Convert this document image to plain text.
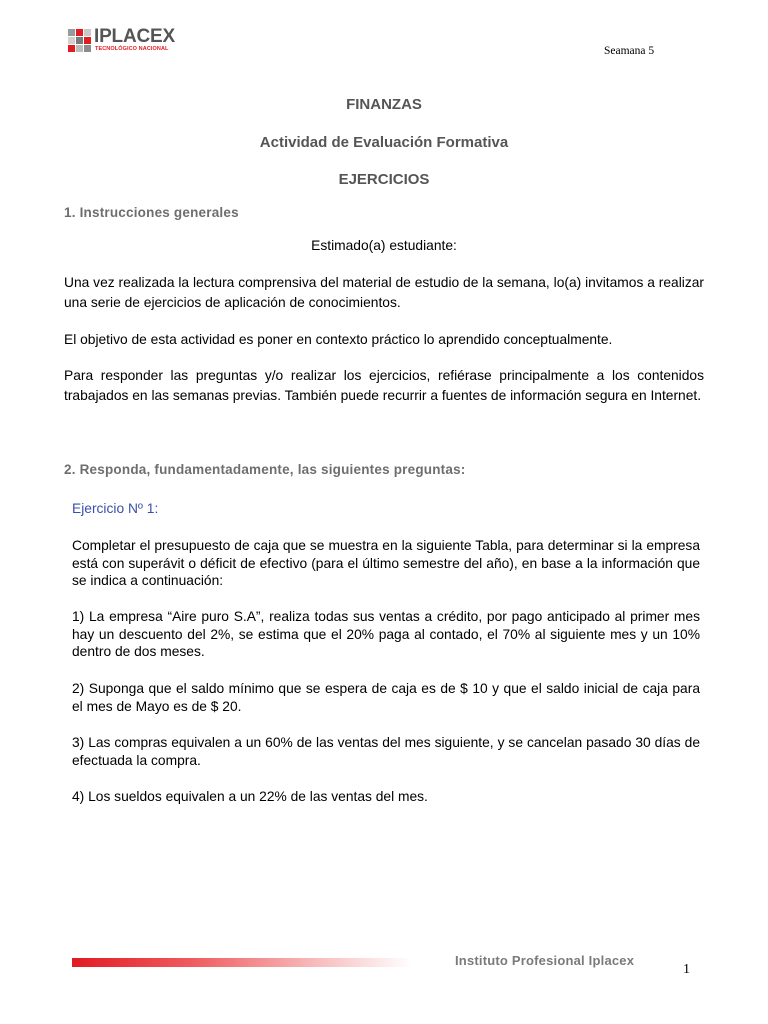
IPLACEX
TECNOLÓGICO NACIONAL	Seamana 5
FINANZAS
Actividad de Evaluación Formativa
EJERCICIOS
1. Instrucciones generales
Estimado(a) estudiante:
Una vez realizada la lectura comprensiva del material de estudio de la semana, lo(a) invitamos a realizar una serie de ejercicios de aplicación de conocimientos.
El objetivo de esta actividad es poner en contexto práctico lo aprendido conceptualmente.
Para responder las preguntas y/o realizar los ejercicios, refiérase principalmente a los contenidos trabajados en las semanas previas. También puede recurrir a fuentes de información segura en Internet.
2. Responda, fundamentadamente, las siguientes preguntas:
Ejercicio Nº 1:
Completar el presupuesto de caja que se muestra en la siguiente Tabla, para determinar si la empresa está con superávit o déficit de efectivo (para el último semestre del año), en base a la información que se indica a continuación:
1) La empresa “Aire puro S.A”, realiza todas sus ventas a crédito, por pago anticipado al primer mes hay un descuento del 2%, se estima que el 20% paga al contado, el 70% al siguiente mes y un 10% dentro de dos meses.
2) Suponga que el saldo mínimo que se espera de caja es de $ 10 y que el saldo inicial de caja para el mes de Mayo es de $ 20.
3) Las compras equivalen a un 60% de las ventas del mes siguiente, y se cancelan pasado 30 días de efectuada la compra.
4) Los sueldos equivalen a un 22% de las ventas del mes.
Instituto Profesional Iplacex
1
